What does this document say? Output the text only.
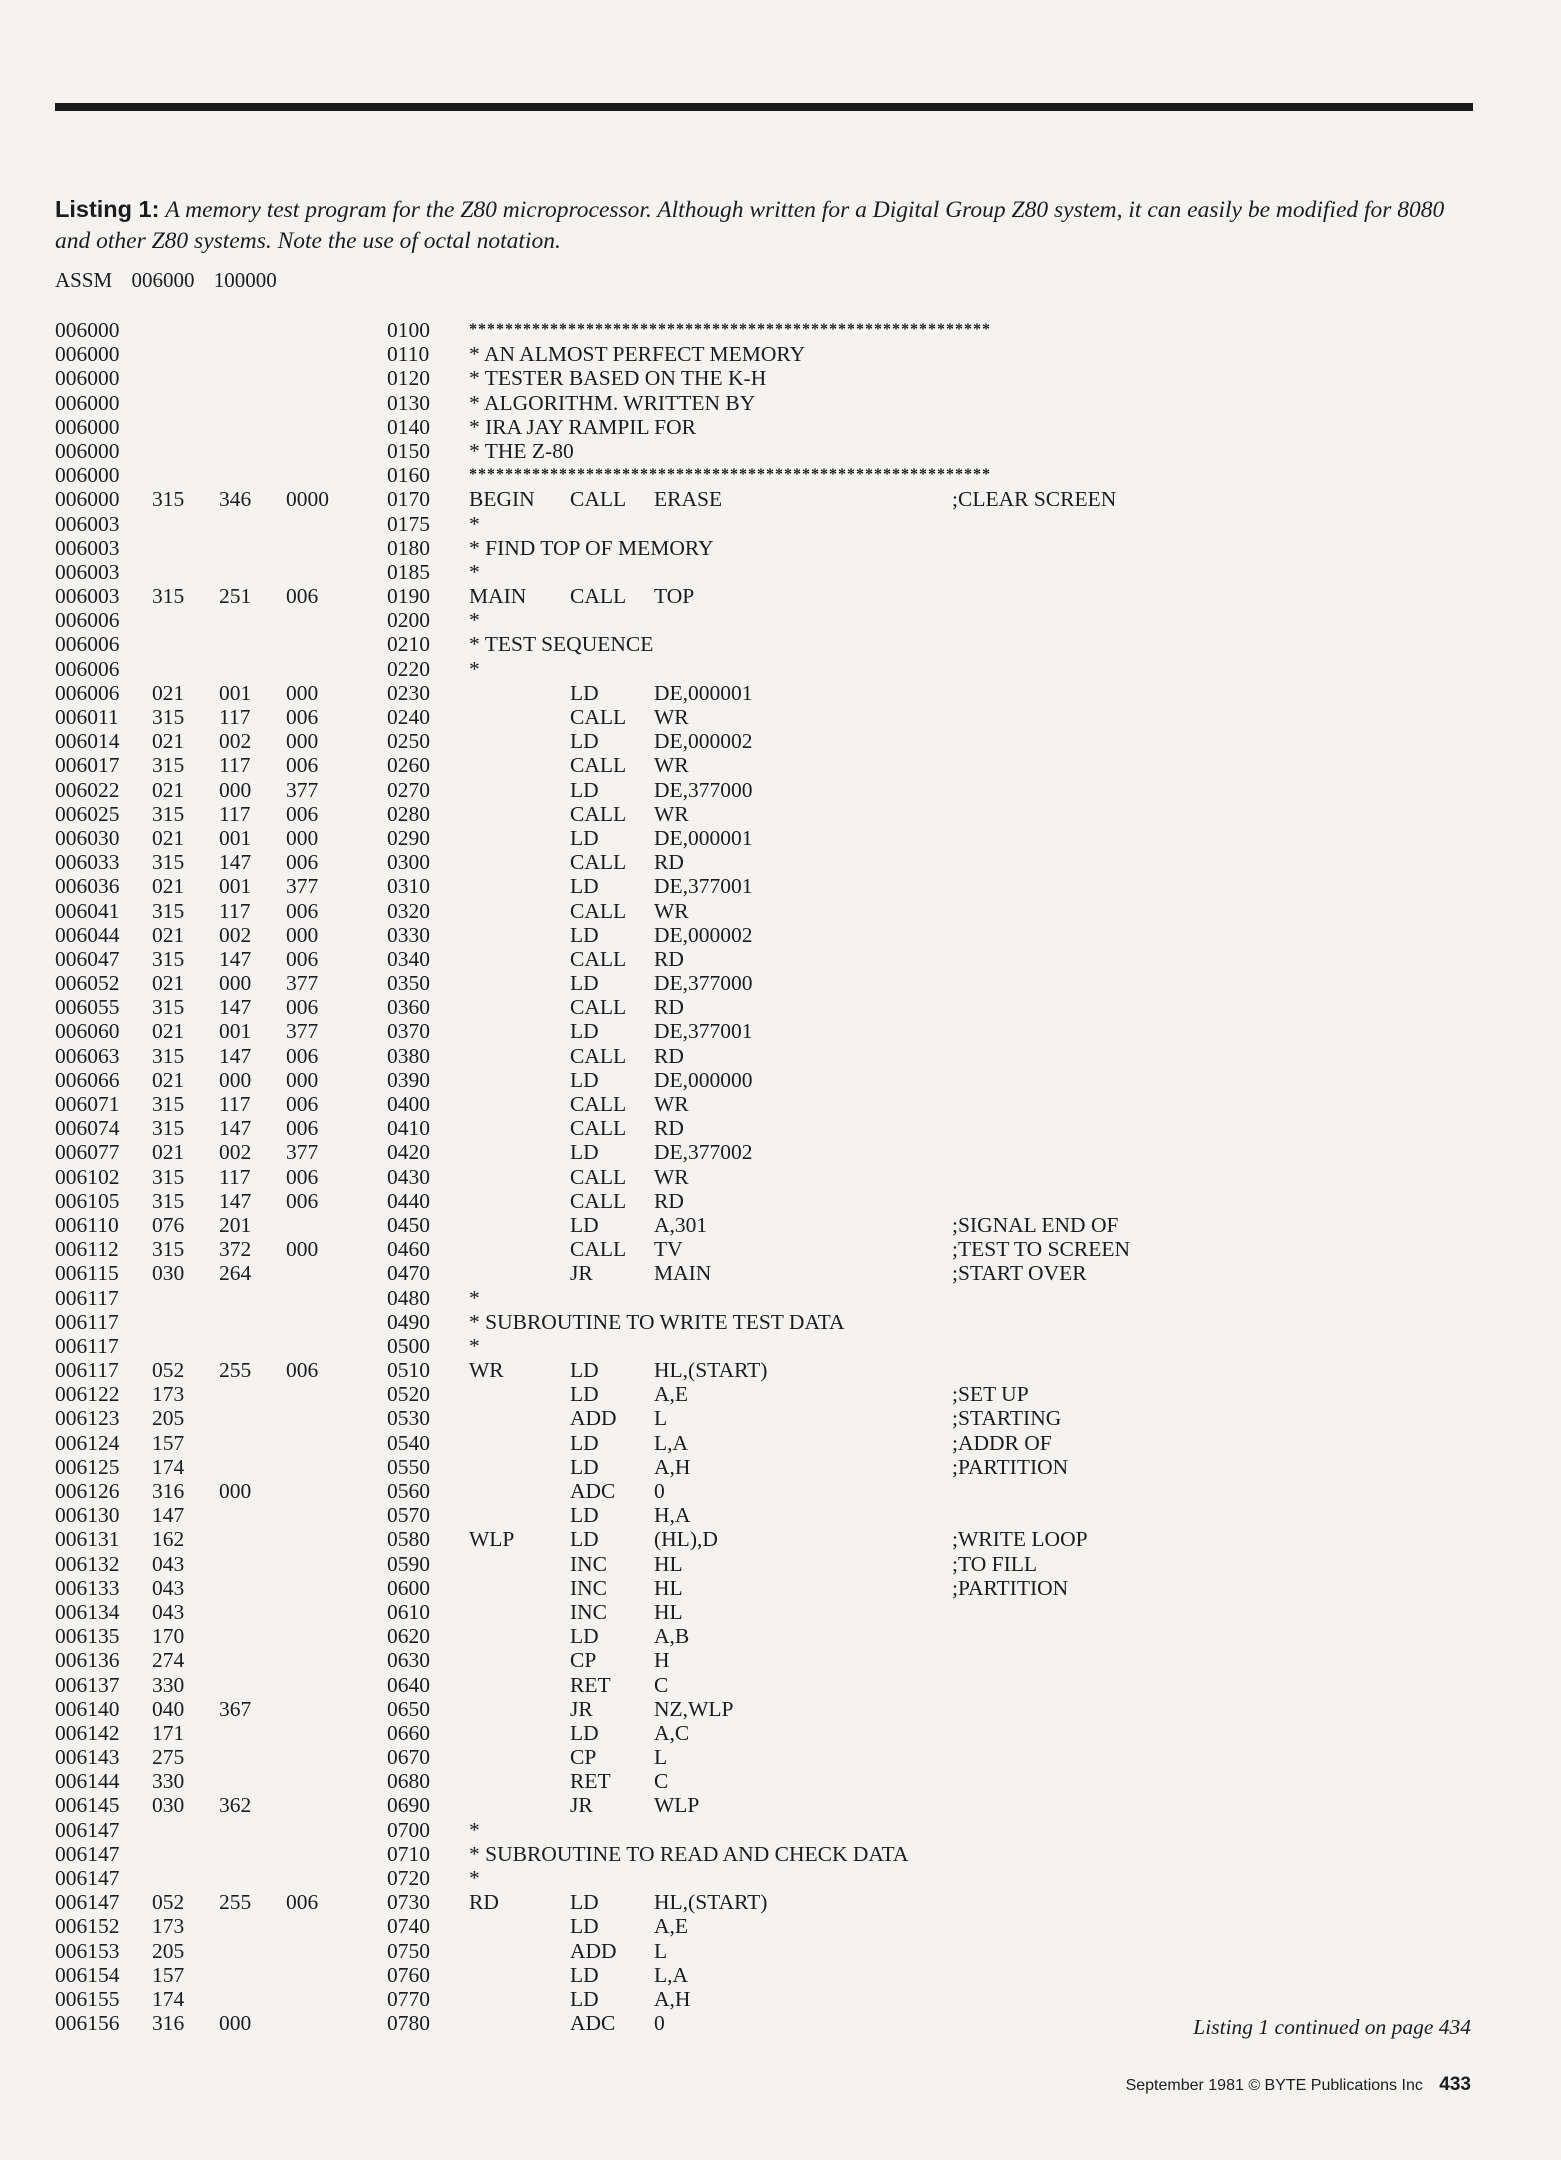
Listing 1: A memory test program for the Z80 microprocessor. Although written for a Digital Group Z80 system, it can easily be modified for 8080 and other Z80 systems. Note the use of octal notation.
ASSM 006000 100000
006000	0100 **********************************************************
006000	0110 * AN ALMOST PERFECT MEMORY
006000	0120 * TESTER BASED ON THE K-H
006000	0130 * ALGORITHM. WRITTEN BY
006000	0140 * IRA JAY RAMPIL FOR
006000	0150 * THE Z-80
006000	0160 **********************************************************
006000 315 346 0000	0170 BEGIN CALL ERASE	;CLEAR SCREEN
006003	0175 *
006003	0180 * FIND TOP OF MEMORY
006003	0185 *
006003 315 251 006	0190 MAIN CALL TOP
006006	0200 *
006006	0210 * TEST SEQUENCE
006006	0220 *
006006 021 001 000	0230	LD	DE,000001
006011 315 117 006	0240	CALL WR
006014 021 002 000	0250	LD	DE,000002
006017 315 117 006	0260	CALL WR
006022 021 000 377	0270	LD	DE,377000
006025 315 117 006	0280	CALL WR
006030 021 001 000	0290	LD	DE,000001
006033 315 147 006	0300	CALL RD
006036 021 001 377	0310	LD	DE,377001
006041 315 117 006	0320	CALL WR
006044 021 002 000	0330	LD	DE,000002
006047 315 147 006	0340	CALL RD
006052 021 000 377	0350	LD	DE,377000
006055 315 147 006	0360	CALL RD
006060 021 001 377	0370	LD	DE,377001
006063 315 147 006	0380	CALL RD
006066 021 000 000	0390	LD	DE,000000
006071 315 117 006	0400	CALL WR
006074 315 147 006	0410	CALL RD
006077 021 002 377	0420	LD	DE,377002
006102 315 117 006	0430	CALL WR
006105 315 147 006	0440	CALL RD
006110 076 201	0450	LD	A,301	;SIGNAL END OF
006112 315 372 000	0460	CALL TV	;TEST TO SCREEN
006115 030 264	0470	JR	MAIN	;START OVER
006117	0480 *
006117	0490 * SUBROUTINE TO WRITE TEST DATA
006117	0500 *
006117 052 255 006	0510 WR	LD	HL,(START)
006122 173	0520	LD	A,E	;SET UP
006123 205	0530	ADD L	;STARTING
006124 157	0540	LD	L,A	;ADDR OF
006125 174	0550	LD	A,H	;PARTITION
006126 316 000	0560	ADC 0
006130 147	0570	LD	H,A
006131 162	0580 WLP	LD	(HL),D	;WRITE LOOP
006132 043	0590	INC HL	;TO FILL
006133 043	0600	INC HL	;PARTITION
006134 043	0610	INC HL
006135 170	0620	LD	A,B
006136 274	0630	CP	H
006137 330	0640	RET C
006140 040 367	0650	JR	NZ,WLP
006142 171	0660	LD	A,C
006143 275	0670	CP	L
006144 330	0680	RET C
006145 030 362	0690	JR	WLP
006147	0700 *
006147	0710 * SUBROUTINE TO READ AND CHECK DATA
006147	0720 *
006147 052 255 006	0730 RD	LD	HL,(START)
006152 173	0740	LD	A,E
006153 205	0750	ADD L
006154 157	0760	LD	L,A
006155 174	0770	LD	A,H
006156 316 000	0780	ADC 0	Listing 1 continued on page 434
September 1981 © BYTE Publications Inc 433
